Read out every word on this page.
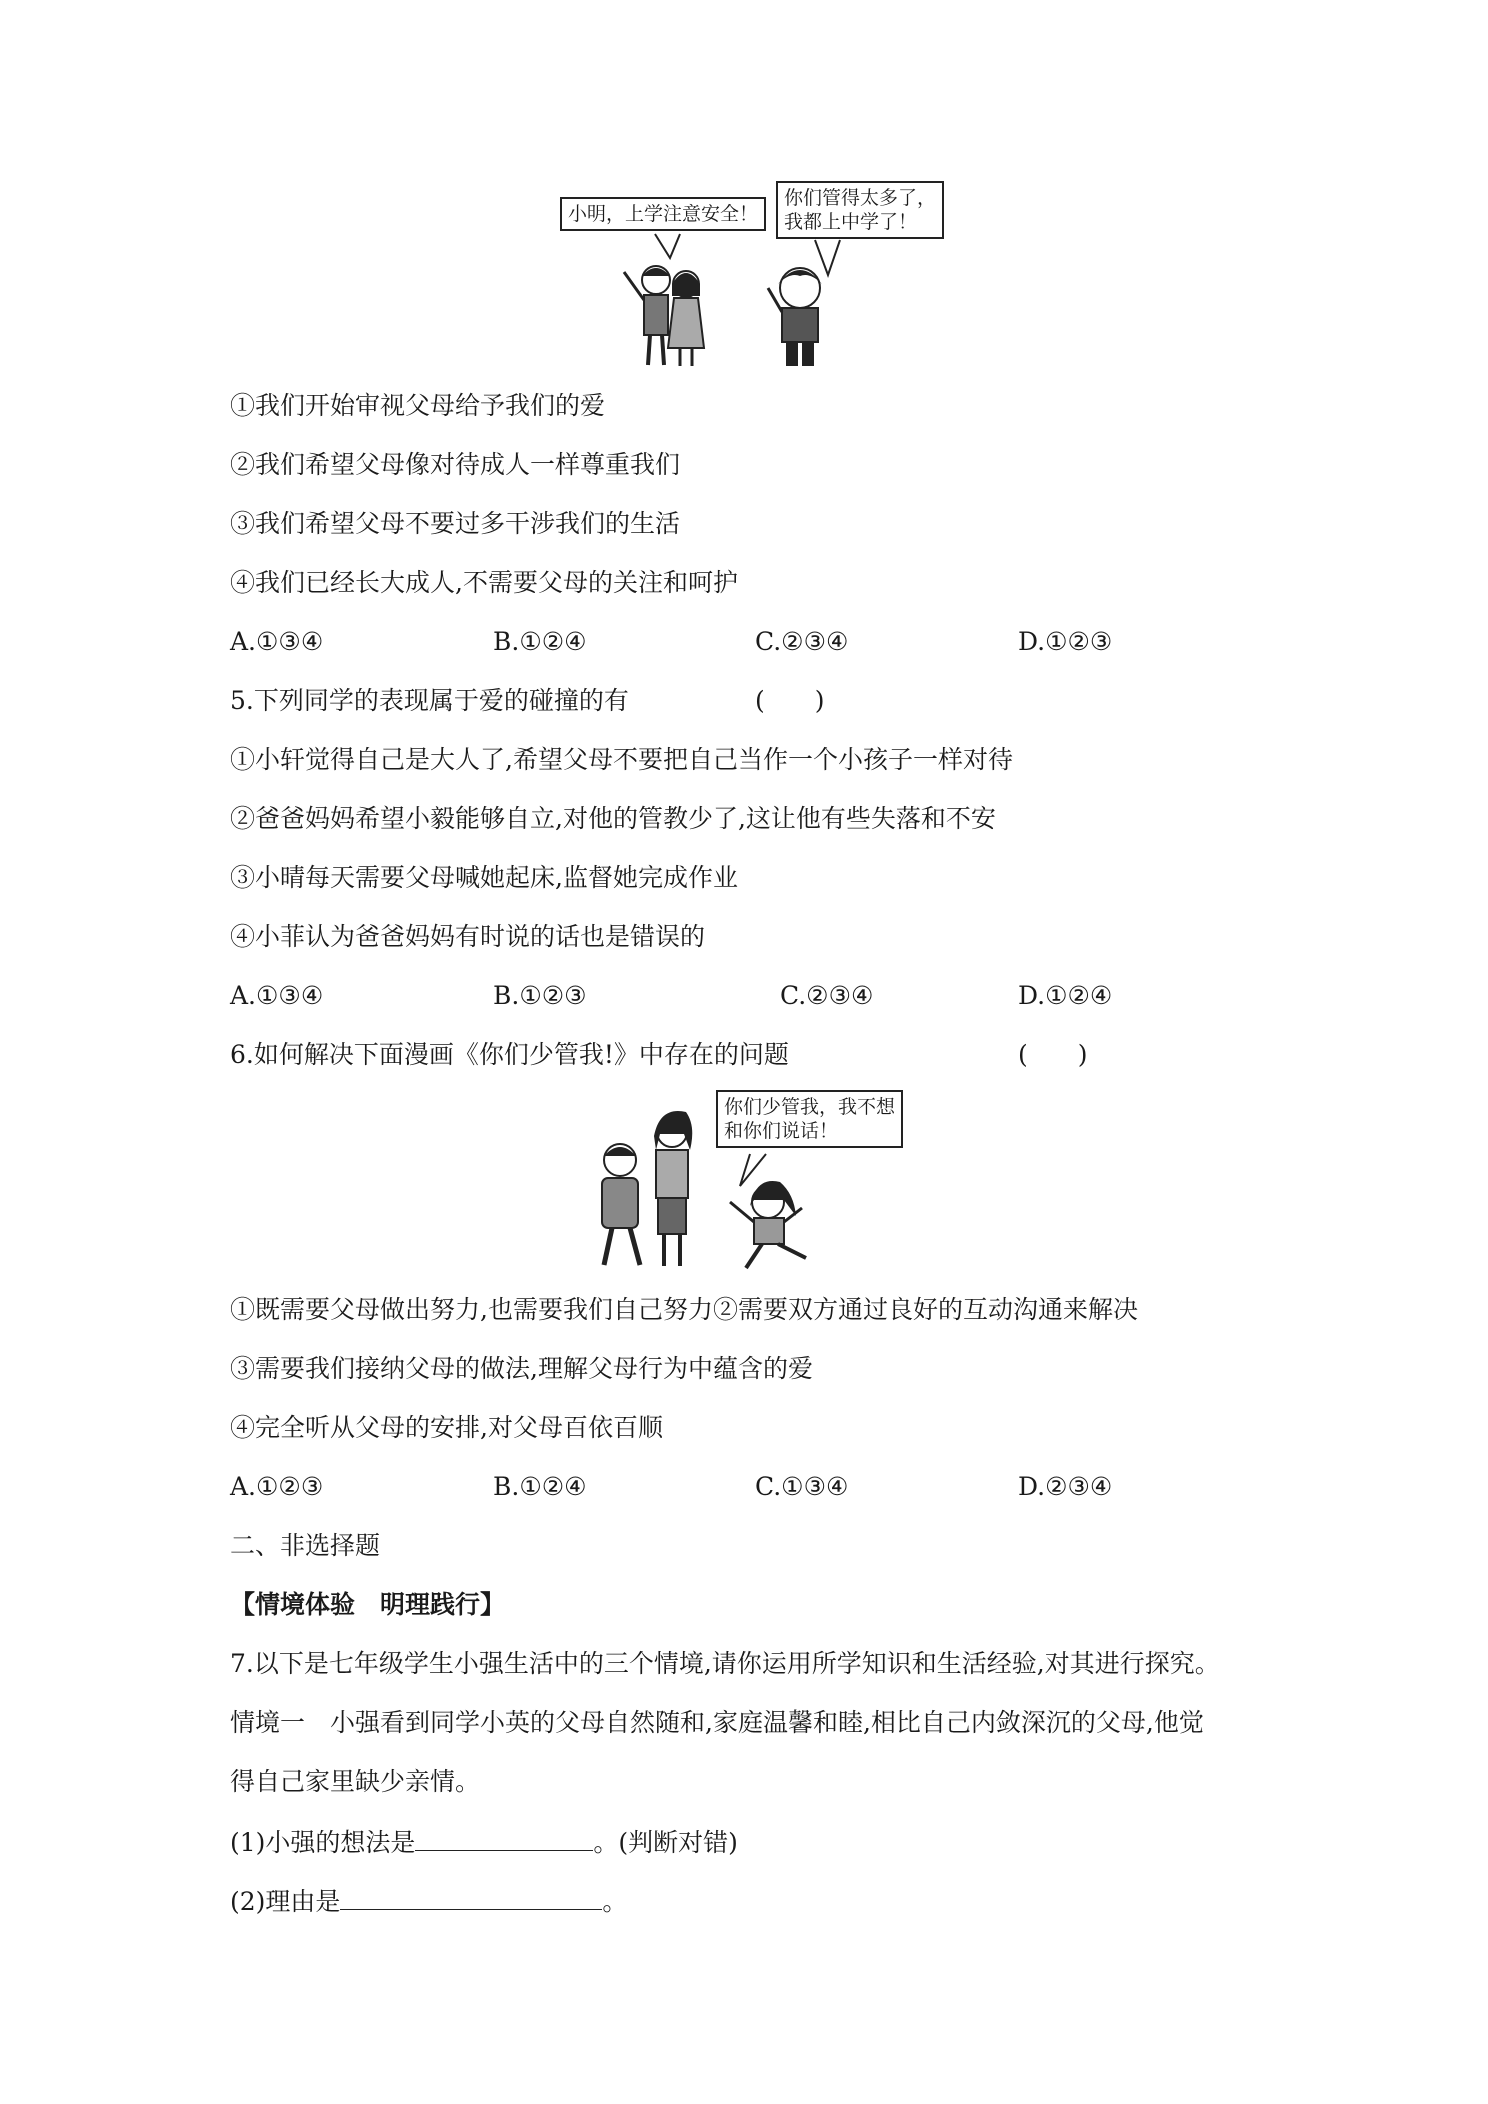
小明，上学注意安全！
你们管得太多了，
我都上中学了！
①我们开始审视父母给予我们的爱
②我们希望父母像对待成人一样尊重我们
③我们希望父母不要过多干涉我们的生活
④我们已经长大成人,不需要父母的关注和呵护
A.①③④	B.①②④	C.②③④	D.①②③
5.下列同学的表现属于爱的碰撞的有	(　　)
①小轩觉得自己是大人了,希望父母不要把自己当作一个小孩子一样对待
②爸爸妈妈希望小毅能够自立,对他的管教少了,这让他有些失落和不安
③小晴每天需要父母喊她起床,监督她完成作业
④小菲认为爸爸妈妈有时说的话也是错误的
A.①③④	B.①②③	C.②③④	D.①②④
6.如何解决下面漫画《你们少管我!》中存在的问题	(　　)
你们少管我，我不想
和你们说话！
①既需要父母做出努力,也需要我们自己努力②需要双方通过良好的互动沟通来解决
③需要我们接纳父母的做法,理解父母行为中蕴含的爱
④完全听从父母的安排,对父母百依百顺
A.①②③	B.①②④	C.①③④	D.②③④
二、非选择题
【情境体验　明理践行】
7.以下是七年级学生小强生活中的三个情境,请你运用所学知识和生活经验,对其进行探究。
情境一　小强看到同学小英的父母自然随和,家庭温馨和睦,相比自己内敛深沉的父母,他觉
得自己家里缺少亲情。
(1)小强的想法是	。(判断对错)
(2)理由是	。
